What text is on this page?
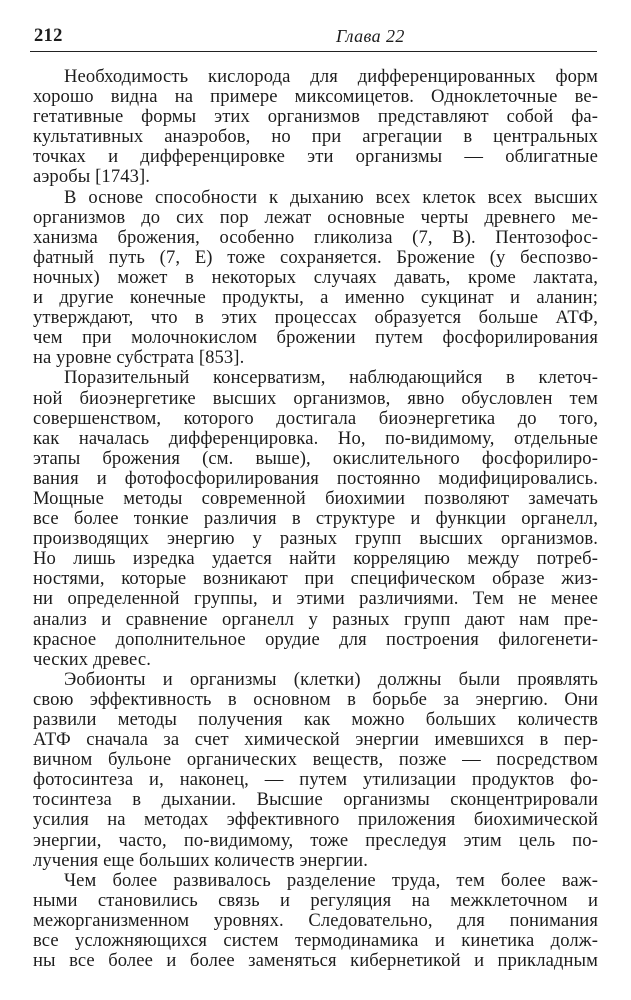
212	Глава 22
Необходимость кислорода для дифференцированных форм
хорошо видна на примере миксомицетов. Одноклеточные ве-
гетативные формы этих организмов представляют собой фа-
культативных анаэробов, но при агрегации в центральных
точках и дифференцировке эти организмы — облигатные
аэробы [1743].
В основе способности к дыханию всех клеток всех высших
организмов до сих пор лежат основные черты древнего ме-
ханизма брожения, особенно гликолиза (7, В). Пентозофос-
фатный путь (7, Е) тоже сохраняется. Брожение (у беспозво-
ночных) может в некоторых случаях давать, кроме лактата,
и другие конечные продукты, а именно сукцинат и аланин;
утверждают, что в этих процессах образуется больше АТФ,
чем при молочнокислом брожении путем фосфорилирования
на уровне субстрата [853].
Поразительный консерватизм, наблюдающийся в клеточ-
ной биоэнергетике высших организмов, явно обусловлен тем
совершенством, которого достигала биоэнергетика до того,
как началась дифференцировка. Но, по-видимому, отдельные
этапы брожения (см. выше), окислительного фосфорилиро-
вания и фотофосфорилирования постоянно модифицировались.
Мощные методы современной биохимии позволяют замечать
все более тонкие различия в структуре и функции органелл,
производящих энергию у разных групп высших организмов.
Но лишь изредка удается найти корреляцию между потреб-
ностями, которые возникают при специфическом образе жиз-
ни определенной группы, и этими различиями. Тем не менее
анализ и сравнение органелл у разных групп дают нам пре-
красное дополнительное орудие для построения филогенети-
ческих древес.
Эобионты и организмы (клетки) должны были проявлять
свою эффективность в основном в борьбе за энергию. Они
развили методы получения как можно больших количеств
АТФ сначала за счет химической энергии имевшихся в пер-
вичном бульоне органических веществ, позже — посредством
фотосинтеза и, наконец, — путем утилизации продуктов фо-
тосинтеза в дыхании. Высшие организмы сконцентрировали
усилия на методах эффективного приложения биохимической
энергии, часто, по-видимому, тоже преследуя этим цель по-
лучения еще больших количеств энергии.
Чем более развивалось разделение труда, тем более важ-
ными становились связь и регуляция на межклеточном и
межорганизменном уровнях. Следовательно, для понимания
все усложняющихся систем термодинамика и кинетика долж-
ны все более и более заменяться кибернетикой и прикладным
